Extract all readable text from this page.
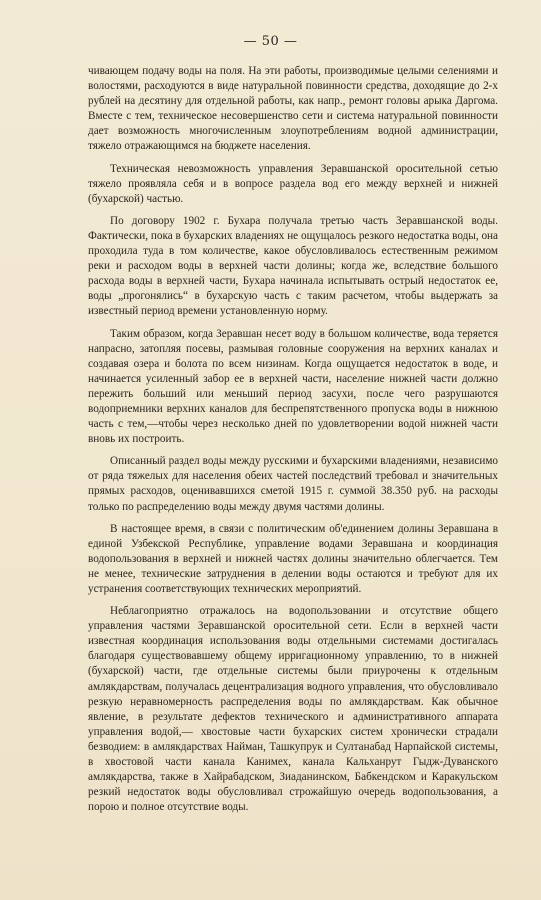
— 50 —

чивающем подачу воды на поля. На эти работы, производимые целыми селениями и волостями, расходуются в виде натуральной повинности средства, доходящие до 2-х рублей на десятину для отдельной работы, как напр., ремонт головы арыка Даргома. Вместе с тем, техническое несовершенство сети и система натуральной повинности дает возможность многочисленным злоупотреблениям водной администрации, тяжело отражающимся на бюджете населения.

Техническая невозможность управления Зеравшанской оросительной сетью тяжело проявляла себя и в вопросе раздела вод его между верхней и нижней (бухарской) частью.

По договору 1902 г. Бухара получала третью часть Зеравшанской воды. Фактически, пока в бухарских владениях не ощущалось резкого недостатка воды, она проходила туда в том количестве, какое обусловливалось естественным режимом реки и расходом воды в верхней части долины; когда же, вследствие большого расхода воды в верхней части, Бухара начинала испытывать острый недостаток ее, воды „прогонялись“ в бухарскую часть с таким расчетом, чтобы выдержать за известный период времени установленную норму.

Таким образом, когда Зеравшан несет воду в большом количестве, вода теряется напрасно, затопляя посевы, размывая головные сооружения на верхних каналах и создавая озера и болота по всем низинам. Когда ощущается недостаток в воде, и начинается усиленный забор ее в верхней части, население нижней части должно пережить больший или меньший период засухи, после чего разрушаются водоприемники верхних каналов для беспрепятственного пропуска воды в нижнюю часть с тем,—чтобы через несколько дней по удовлетворении водой нижней части вновь их построить.

Описанный раздел воды между русскими и бухарскими владениями, независимо от ряда тяжелых для населения обеих частей последствий требовал и значительных прямых расходов, оценивавшихся сметой 1915 г. суммой 38.350 руб. на расходы только по распределению воды между двумя частями долины.

В настоящее время, в связи с политическим об'единением долины Зеравшана в единой Узбекской Республике, управление водами Зеравшана и координация водопользования в верхней и нижней частях долины значительно облегчается. Тем не менее, технические затруднения в делении воды остаются и требуют для их устранения соответствующих технических мероприятий.

Неблагоприятно отражалось на водопользовании и отсутствие общего управления частями Зеравшанской оросительной сети. Если в верхней части известная координация использования воды отдельными системами достигалась благодаря существовавшему общему ирригационному управлению, то в нижней (бухарской) части, где отдельные системы были приурочены к отдельным амлякдарствам, получалась децентрализация водного управления, что обусловливало резкую неравномерность распределения воды по амлякдарствам. Как обычное явление, в результате дефектов технического и административного аппарата управления водой,— хвостовые части бухарских систем хронически страдали безводием: в амлякдарствах Найман, Ташкупрук и Султанабад Нарпайской системы, в хвостовой части канала Канимех, канала Кальханрут Гыдж-Дуванского амлякдарства, также в Хайрабадском, Зиаданинском, Бабкендском и Каракульском резкий недостаток воды обусловливал строжайшую очередь водопользования, а порою и полное отсутствие воды.
